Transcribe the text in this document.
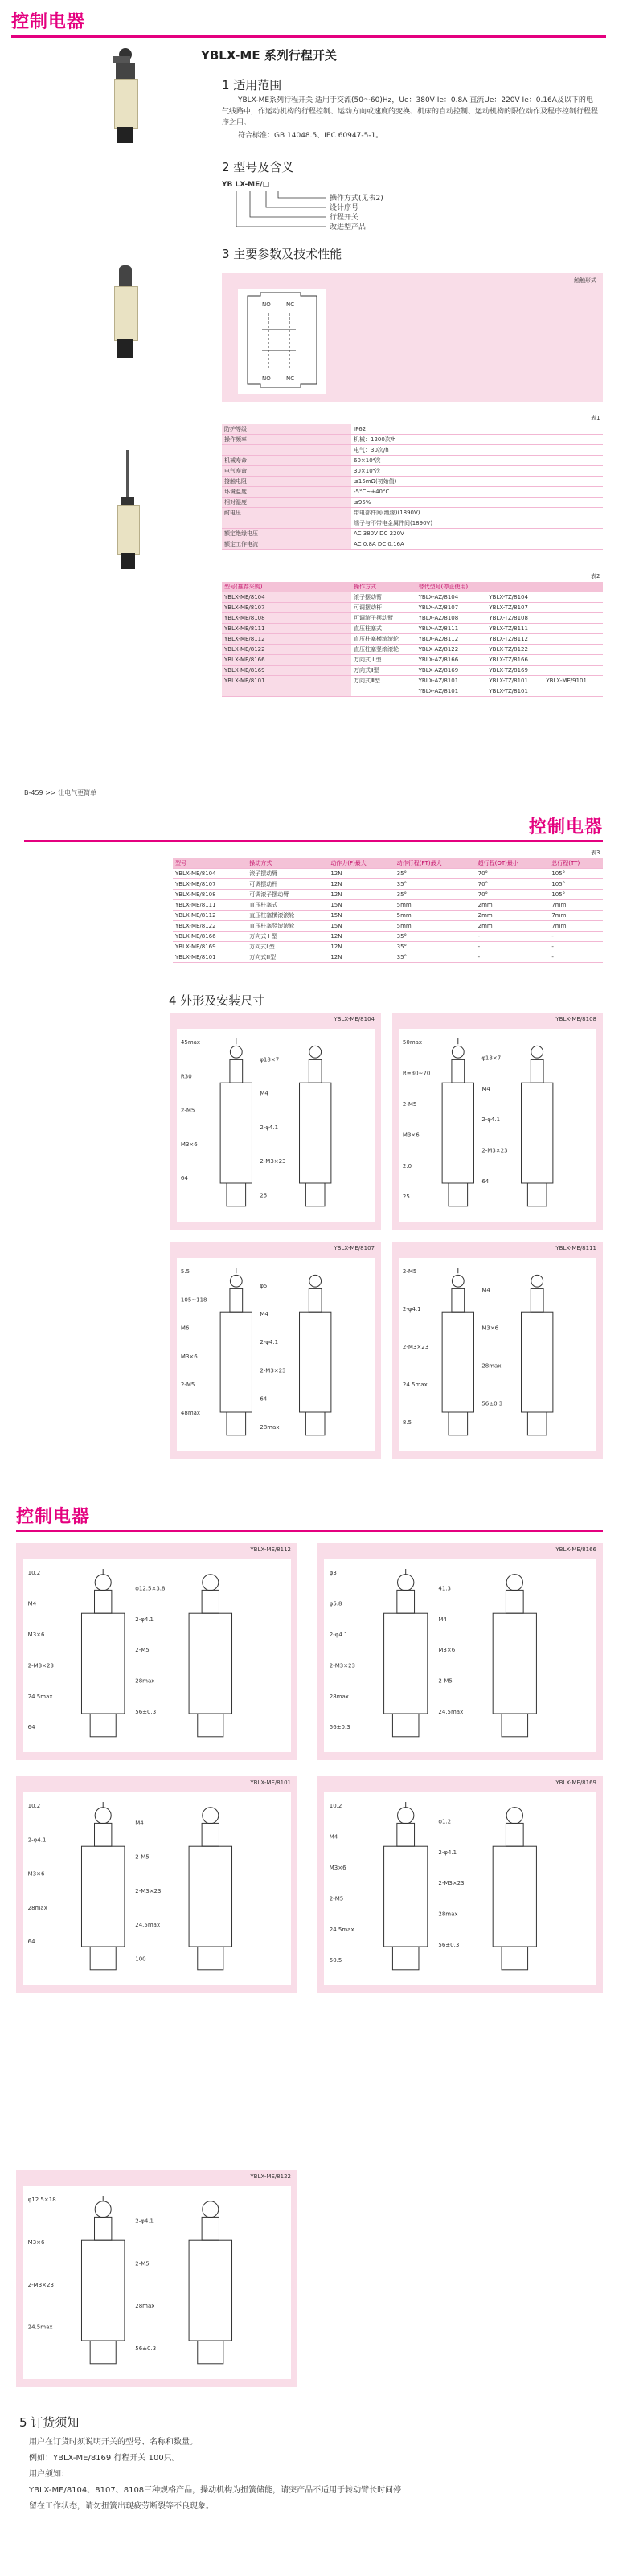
控制电器
YBLX-ME 系列行程开关
1 适用范围
YBLX-ME系列行程开关 适用于交流(50～60)Hz，Ue：380V Ie：0.8A 直流Ue：220V Ie：0.16A及以下的电气线路中，作运动机构的行程控制、运动方向或速度的变换、机床的自动控制、运动机构的限位动作及程序控制行程程序之用。
符合标准：GB 14048.5、IEC 60947-5-1。
2 型号及含义
YB LX-ME/□
操作方式(见表2)
设计序号
行程开关
改进型产品
3 主要参数及技术性能
触触形式
NO	NC
NO	NC
表1
防护等级	IP62
操作频率	机械：1200次/h
	电气：30次/h
机械寿命	60×10⁴次
电气寿命	30×10⁴次
接触电阻	≤15mΩ(初始值)
环境温度	-5°C~+40°C
相对湿度	≤95%
耐电压	带电部件间(绝缘)(1890V)
	端子与不带电金属件间(1890V)
额定绝缘电压	AC 380V DC 220V
额定工作电流	AC 0.8A DC 0.16A
表2
型号(推荐采购)	操作方式	替代型号(停止使用)		
YBLX-ME/8104	滚子摆动臂	YBLX-AZ/8104	YBLX-TZ/8104	
YBLX-ME/8107	可调摆动杆	YBLX-AZ/8107	YBLX-TZ/8107	
YBLX-ME/8108	可调滚子摆动臂	YBLX-AZ/8108	YBLX-TZ/8108	
YBLX-ME/8111	直压柱塞式	YBLX-AZ/8111	YBLX-TZ/8111	
YBLX-ME/8112	直压柱塞横滚滚轮	YBLX-AZ/8112	YBLX-TZ/8112	
YBLX-ME/8122	直压柱塞竖滚滚轮	YBLX-AZ/8122	YBLX-TZ/8122	
YBLX-ME/8166	万向式 Ⅰ 型	YBLX-AZ/8166	YBLX-TZ/8166	
YBLX-ME/8169	万向式Ⅱ型	YBLX-AZ/8169	YBLX-TZ/8169	
YBLX-ME/8101	万向式Ⅲ型	YBLX-AZ/8101	YBLX-TZ/8101	YBLX-ME/9101
		YBLX-AZ/8101	YBLX-TZ/8101	
B-459 >> 让电气更简单
控制电器
表3
型号	操动方式	动作力(F)最大	动作行程(PT)最大	超行程(OT)最小	总行程(TT)
YBLX-ME/8104	滚子摆动臂	12N	35°	70°	105°
YBLX-ME/8107	可调摆动杆	12N	35°	70°	105°
YBLX-ME/8108	可调滚子摆动臂	12N	35°	70°	105°
YBLX-ME/8111	直压柱塞式	15N	5mm	2mm	7mm
YBLX-ME/8112	直压柱塞横滚滚轮	15N	5mm	2mm	7mm
YBLX-ME/8122	直压柱塞竖滚滚轮	15N	5mm	2mm	7mm
YBLX-ME/8166	万向式 Ⅰ 型	12N	35°	-	-
YBLX-ME/8169	万向式Ⅱ型	12N	35°	-	-
YBLX-ME/8101	万向式Ⅲ型	12N	35°	-	-
4 外形及安装尺寸
YBLX-ME/8104
45max
φ18×7
R30
M4
2-M5
2-φ4.1
M3×6
2-M3×23
64
25
YBLX-ME/8108
50max
φ18×7
R=30~70
M4
2-M5
2-φ4.1
M3×6
2-M3×23
2.0
64
25
YBLX-ME/8107
5.5
φ5
105~118
M4
M6
2-φ4.1
M3×6
2-M3×23
2-M5
64
48max
28max
YBLX-ME/8111
2-M5
M4
2-φ4.1
M3×6
2-M3×23
28max
24.5max
56±0.3
8.5
控制电器
YBLX-ME/8112
10.2
φ12.5×3.8
M4
2-φ4.1
M3×6
2-M5
2-M3×23
28max
24.5max
56±0.3
64
YBLX-ME/8166
φ3
41.3
φ5.8
M4
2-φ4.1
M3×6
2-M3×23
2-M5
28max
24.5max
56±0.3
YBLX-ME/8101
10.2
M4
2-φ4.1
2-M5
M3×6
2-M3×23
28max
24.5max
64
100
YBLX-ME/8169
10.2
φ1.2
M4
2-φ4.1
M3×6
2-M3×23
2-M5
28max
24.5max
56±0.3
50.5
YBLX-ME/8122
φ12.5×18
2-φ4.1
M3×6
2-M5
2-M3×23
28max
24.5max
56±0.3
5 订货须知
用户在订货时须说明开关的型号、名称和数量。
例如：YBLX-ME/8169 行程开关 100只。
用户须知：
YBLX-ME/8104、8107、8108三种规格产品，操动机构为扭簧储能，请突产品不适用于转动臂长时间停
留在工作状态，请勿扭簧出现疲劳断裂等不良现象。
